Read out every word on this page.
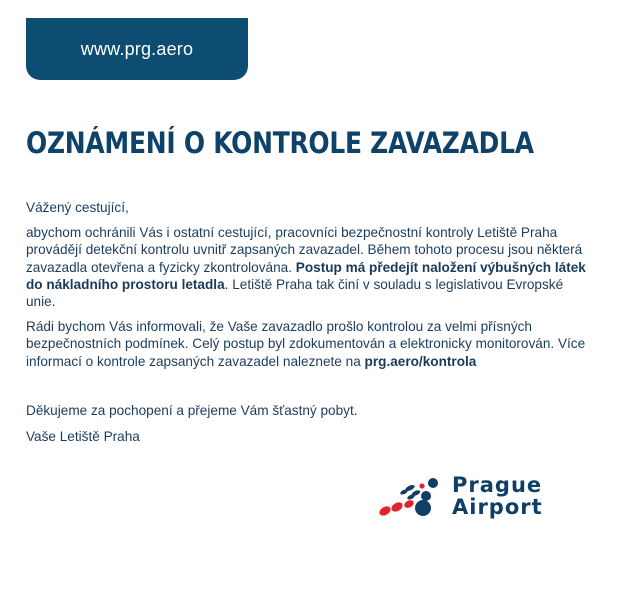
www.prg.aero
OZNÁMENÍ O KONTROLE ZAVAZADLA
Vážený cestující,
abychom ochránili Vás i ostatní cestující, pracovníci bezpečnostní kontroly Letiště Praha provádějí detekční kontrolu uvnitř zapsaných zavazadel. Během tohoto procesu jsou některá zavazadla otevřena a fyzicky zkontrolována. Postup má předejít naložení výbušných látek do nákladního prostoru letadla. Letiště Praha tak činí v souladu s legislativou Evropské unie.
Rádi bychom Vás informovali, že Vaše zavazadlo prošlo kontrolou za velmi přísných bezpečnostních podmínek. Celý postup byl zdokumentován a elektronicky monitorován. Více informací o kontrole zapsaných zavazadel naleznete na prg.aero/kontrola
Děkujeme za pochopení a přejeme Vám šťastný pobyt.
Vaše Letiště Praha
Prague
Airport
